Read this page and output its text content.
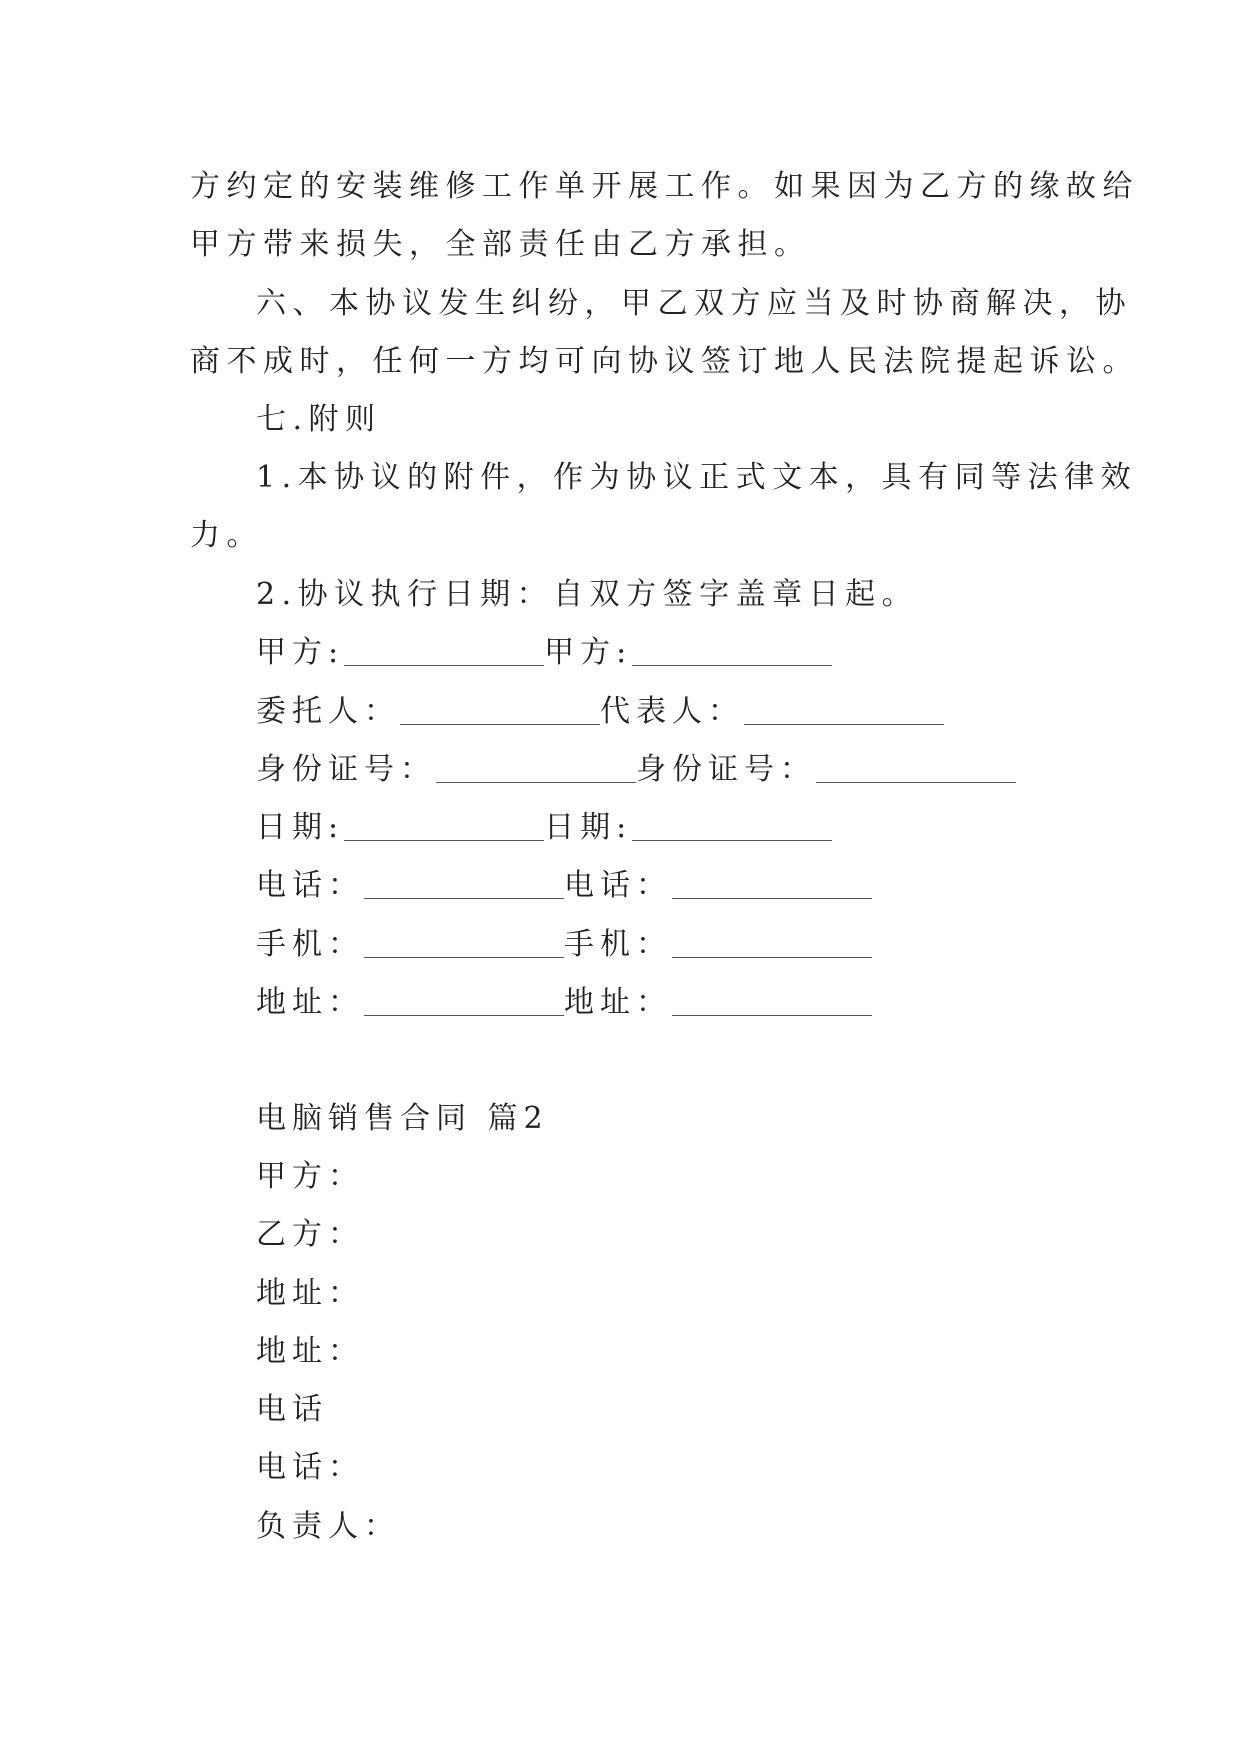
方约定的安装维修工作单开展工作。如果因为乙方的缘故给
甲方带来损失，全部责任由乙方承担。
六、本协议发生纠纷，甲乙双方应当及时协商解决，协
商不成时，任何一方均可向协议签订地人民法院提起诉讼。
七.附则
1.本协议的附件，作为协议正式文本，具有同等法律效
力。
2.协议执行日期：自双方签字盖章日起。
甲方:	甲方:
委托人：	代表人：
身份证号：	身份证号：
日期:	日期:
电话：	电话：
手机：	手机：
地址：	地址：
电脑销售合同 篇2
甲方：
乙方：
地址：
地址：
电话
电话：
负责人：
